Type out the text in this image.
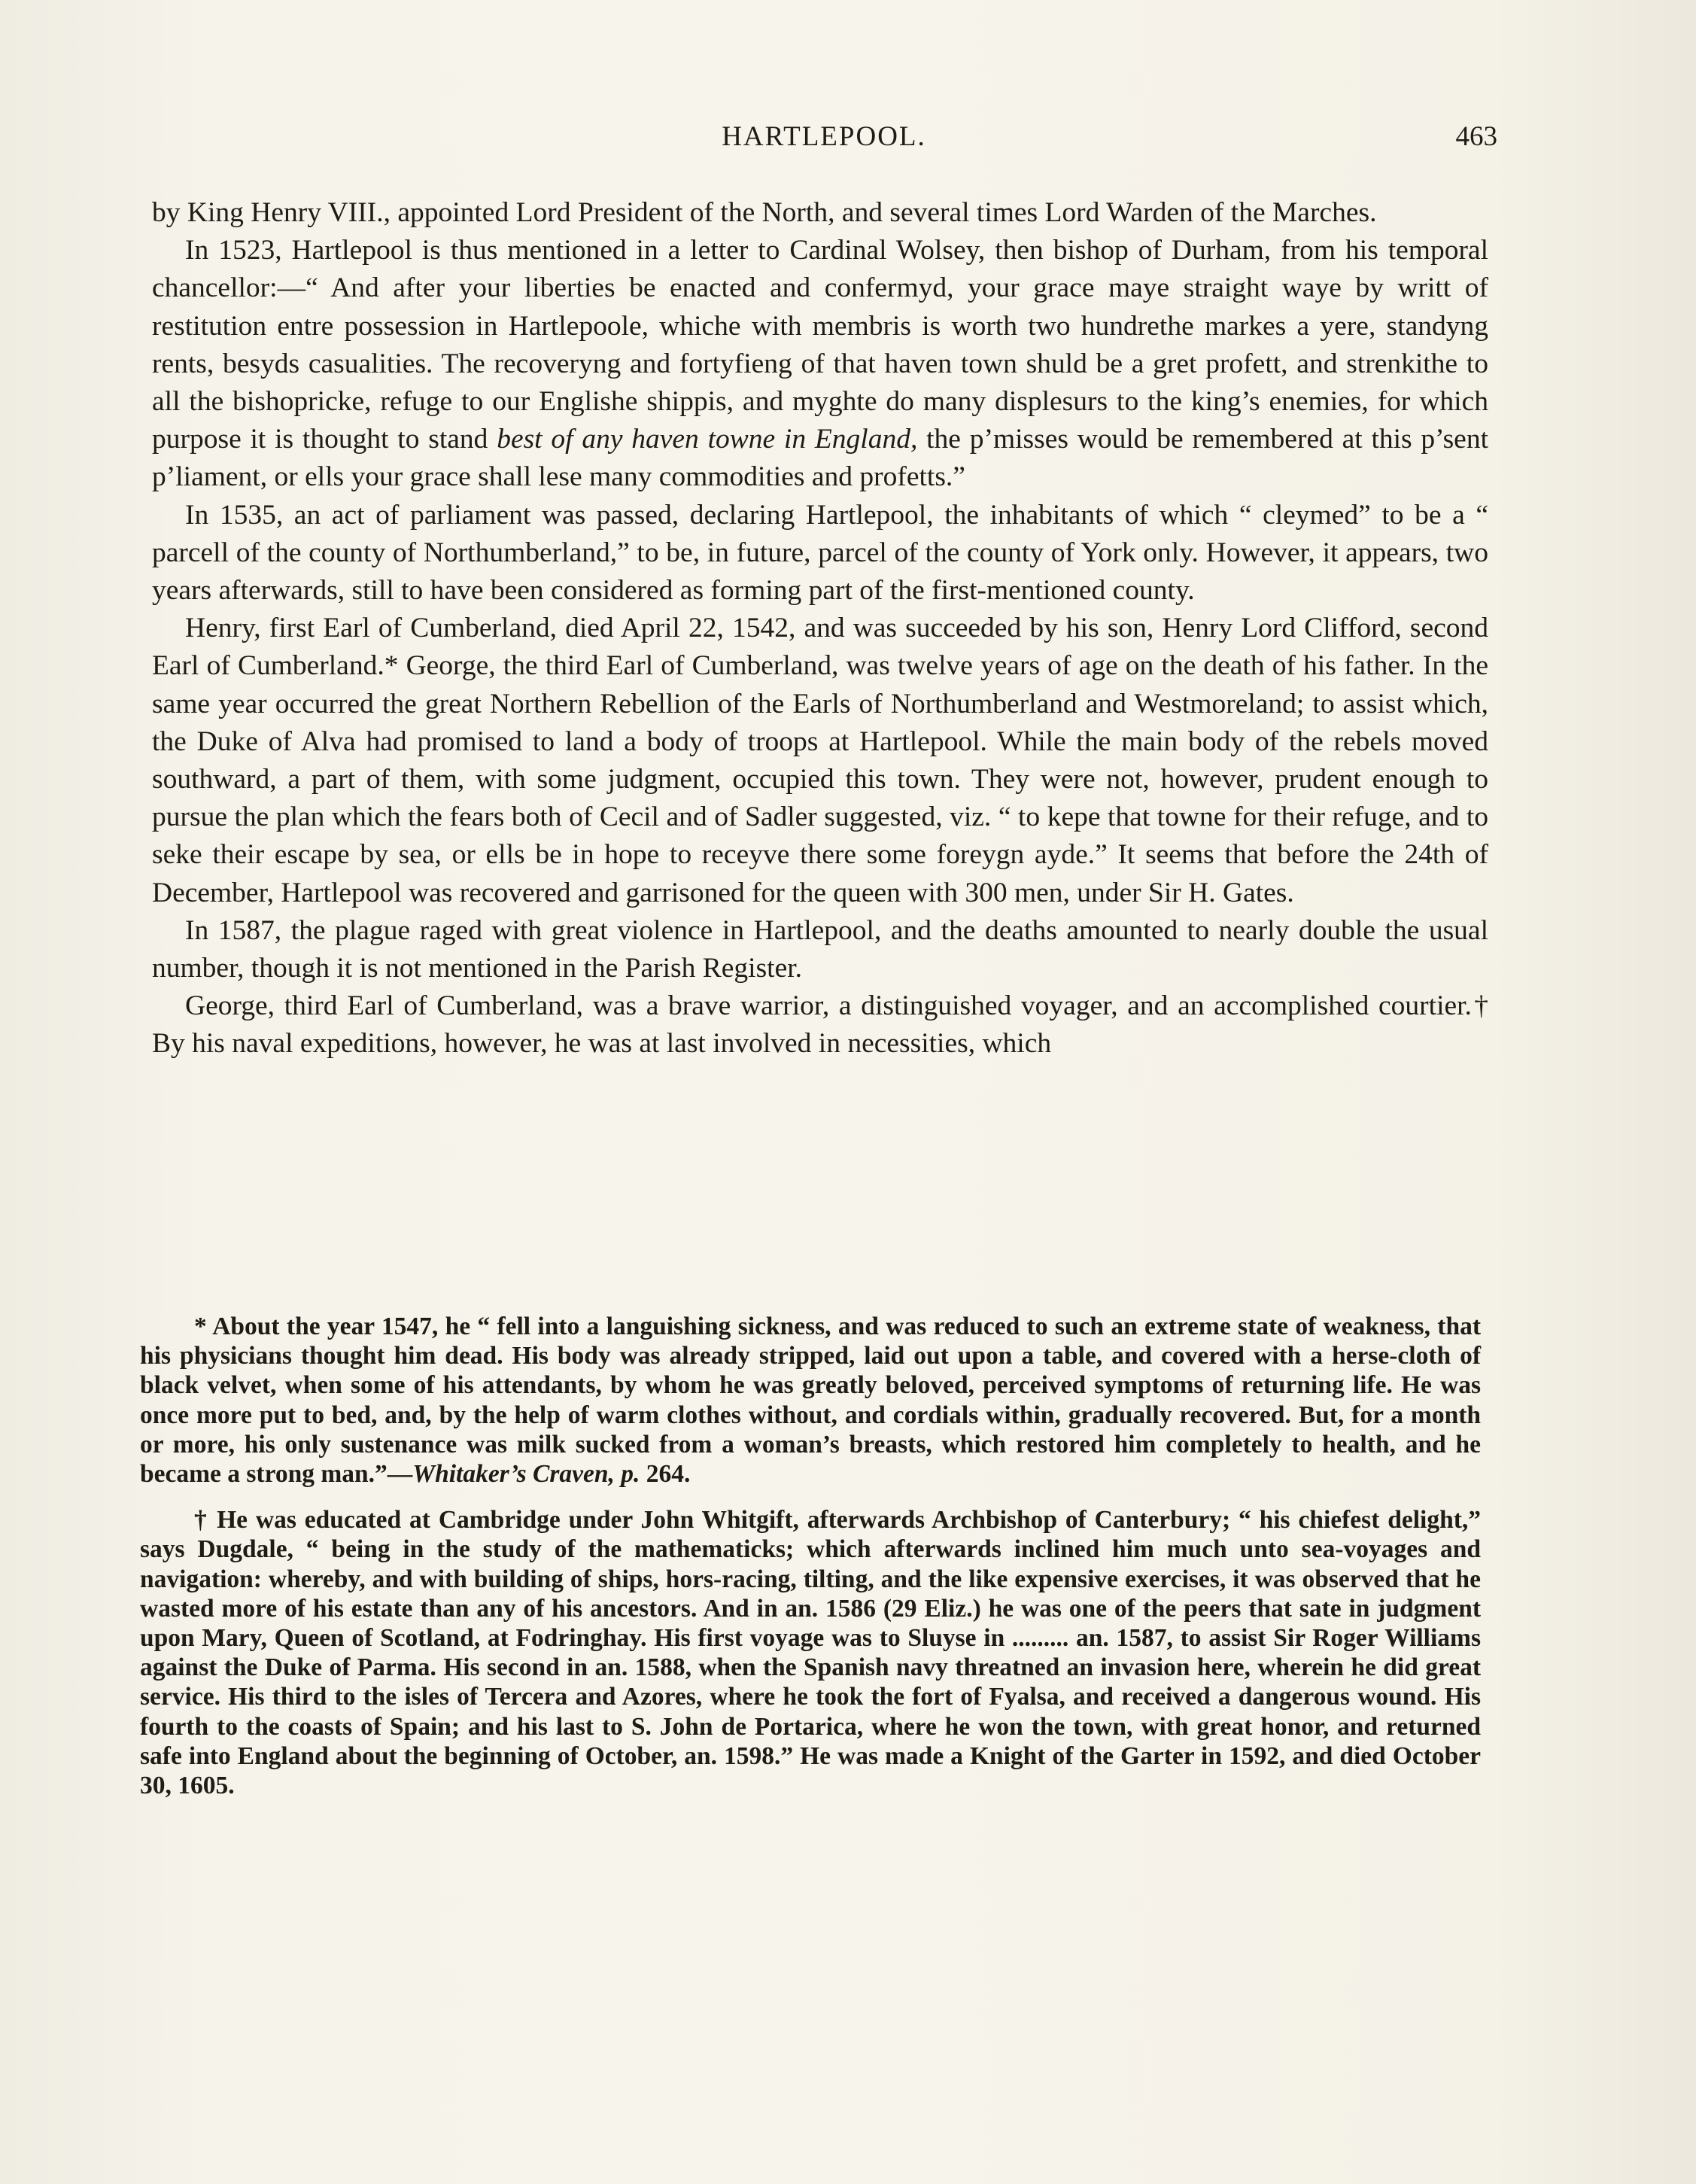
HARTLEPOOL.	463

by King Henry VIII., appointed Lord President of the North, and several times Lord Warden of the Marches.

In 1523, Hartlepool is thus mentioned in a letter to Cardinal Wolsey, then bishop of Durham, from his temporal chancellor:—“ And after your liberties be enacted and confermyd, your grace maye straight waye by writt of restitution entre possession in Hartlepoole, whiche with membris is worth two hundrethe markes a yere, standyng rents, besyds casualities. The recoveryng and fortyfieng of that haven town shuld be a gret profett, and strenkithe to all the bishopricke, refuge to our Englishe shippis, and myghte do many displesurs to the king’s enemies, for which purpose it is thought to stand best of any haven towne in England, the p’misses would be remembered at this p’sent p’liament, or ells your grace shall lese many commodities and profetts.”

In 1535, an act of parliament was passed, declaring Hartlepool, the inhabitants of which “ cleymed” to be a “ parcell of the county of Northumberland,” to be, in future, parcel of the county of York only. However, it appears, two years afterwards, still to have been considered as forming part of the first-mentioned county.

Henry, first Earl of Cumberland, died April 22, 1542, and was succeeded by his son, Henry Lord Clifford, second Earl of Cumberland.* George, the third Earl of Cumberland, was twelve years of age on the death of his father. In the same year occurred the great Northern Rebellion of the Earls of Northumberland and Westmoreland; to assist which, the Duke of Alva had promised to land a body of troops at Hartlepool. While the main body of the rebels moved southward, a part of them, with some judgment, occupied this town. They were not, however, prudent enough to pursue the plan which the fears both of Cecil and of Sadler suggested, viz. “ to kepe that towne for their refuge, and to seke their escape by sea, or ells be in hope to receyve there some foreygn ayde.” It seems that before the 24th of December, Hartlepool was recovered and garrisoned for the queen with 300 men, under Sir H. Gates.

In 1587, the plague raged with great violence in Hartlepool, and the deaths amounted to nearly double the usual number, though it is not mentioned in the Parish Register.

George, third Earl of Cumberland, was a brave warrior, a distinguished voyager, and an accomplished courtier.† By his naval expeditions, however, he was at last involved in necessities, which

* About the year 1547, he “ fell into a languishing sickness, and was reduced to such an extreme state of weakness, that his physicians thought him dead. His body was already stripped, laid out upon a table, and covered with a herse-cloth of black velvet, when some of his attendants, by whom he was greatly beloved, perceived symptoms of returning life. He was once more put to bed, and, by the help of warm clothes without, and cordials within, gradually recovered. But, for a month or more, his only sustenance was milk sucked from a woman’s breasts, which restored him completely to health, and he became a strong man.”—Whitaker’s Craven, p. 264.

† He was educated at Cambridge under John Whitgift, afterwards Archbishop of Canterbury; “ his chiefest delight,” says Dugdale, “ being in the study of the mathematicks; which afterwards inclined him much unto sea-voyages and navigation: whereby, and with building of ships, hors-racing, tilting, and the like expensive exercises, it was observed that he wasted more of his estate than any of his ancestors. And in an. 1586 (29 Eliz.) he was one of the peers that sate in judgment upon Mary, Queen of Scotland, at Fodringhay. His first voyage was to Sluyse in ......... an. 1587, to assist Sir Roger Williams against the Duke of Parma. His second in an. 1588, when the Spanish navy threatned an invasion here, wherein he did great service. His third to the isles of Tercera and Azores, where he took the fort of Fyalsa, and received a dangerous wound. His fourth to the coasts of Spain; and his last to S. John de Portarica, where he won the town, with great honor, and returned safe into England about the beginning of October, an. 1598.” He was made a Knight of the Garter in 1592, and died October 30, 1605.
